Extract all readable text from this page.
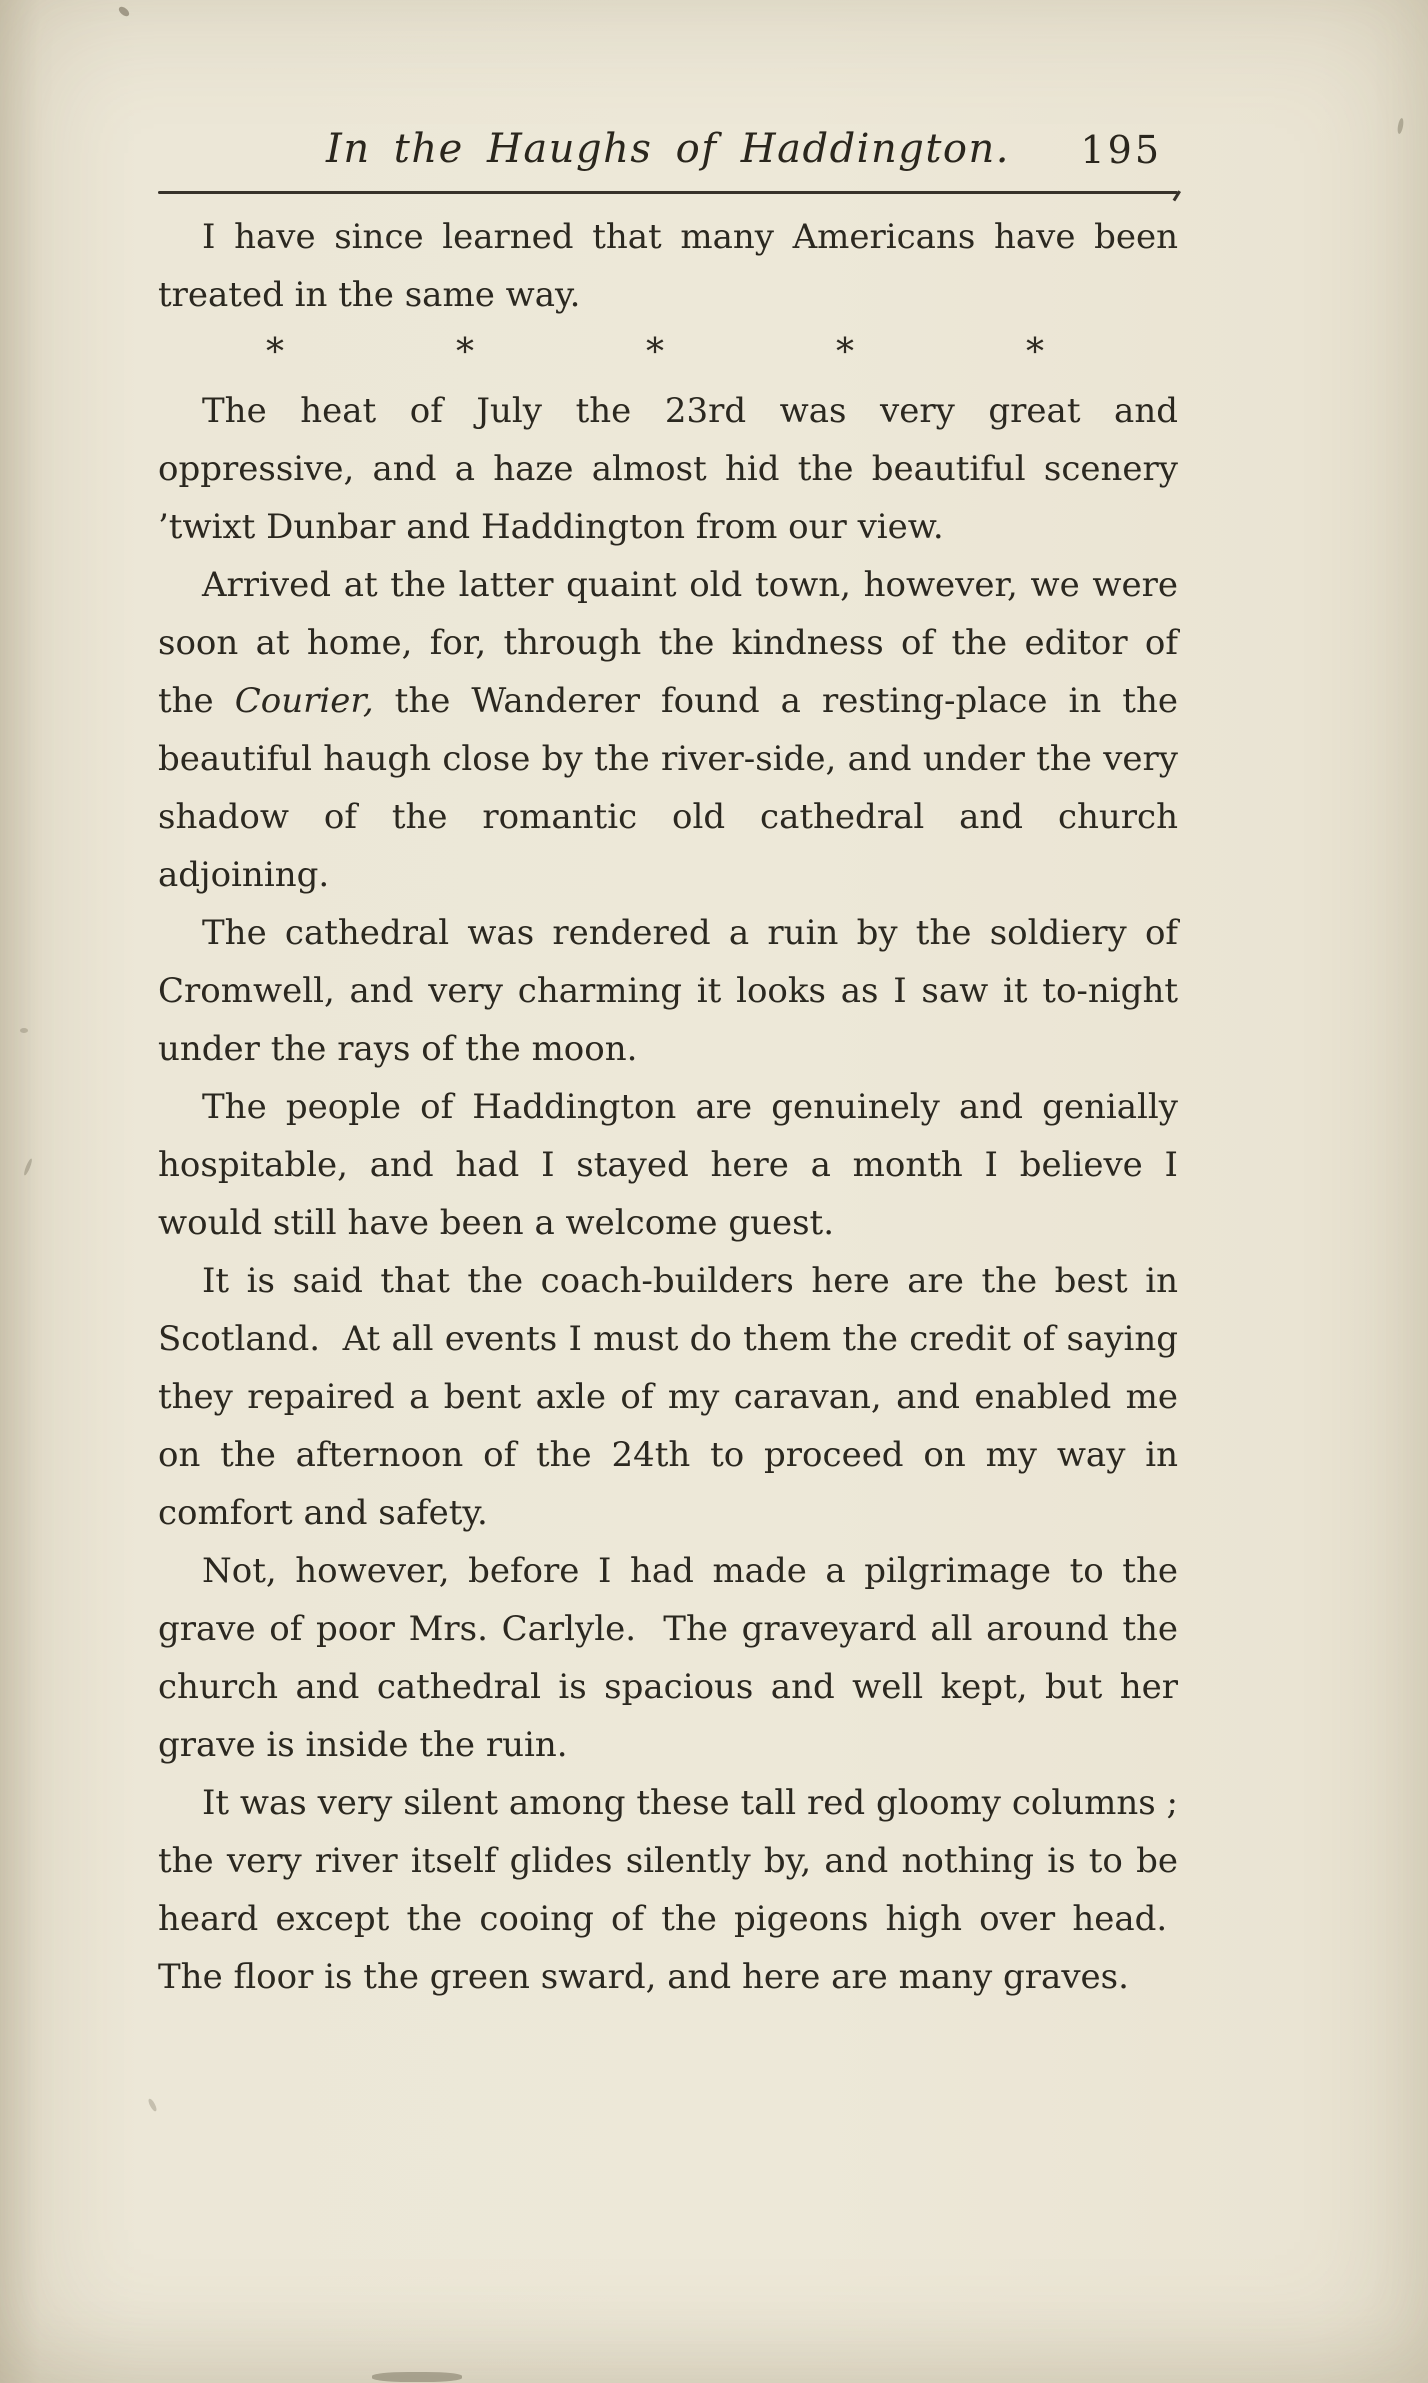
In the Haughs of Haddington.	195

I have since learned that many Americans have been treated in the same way.

*	*	*	*	*

The heat of July the 23rd was very great and oppressive, and a haze almost hid the beautiful scenery ’twixt Dunbar and Haddington from our view.

Arrived at the latter quaint old town, however, we were soon at home, for, through the kindness of the editor of the Courier, the Wanderer found a resting-place in the beautiful haugh close by the river-side, and under the very shadow of the romantic old cathedral and church adjoining.

The cathedral was rendered a ruin by the soldiery of Cromwell, and very charming it looks as I saw it to-night under the rays of the moon.

The people of Haddington are genuinely and genially hospitable, and had I stayed here a month I believe I would still have been a welcome guest.

It is said that the coach-builders here are the best in Scotland.  At all events I must do them the credit of saying they repaired a bent axle of my caravan, and enabled me on the afternoon of the 24th to proceed on my way in comfort and safety.

Not, however, before I had made a pilgrimage to the grave of poor Mrs. Carlyle.  The graveyard all around the church and cathedral is spacious and well kept, but her grave is inside the ruin.

It was very silent among these tall red gloomy columns ; the very river itself glides silently by, and nothing is to be heard except the cooing of the pigeons high over head.  The floor is the green sward, and here are many graves.
